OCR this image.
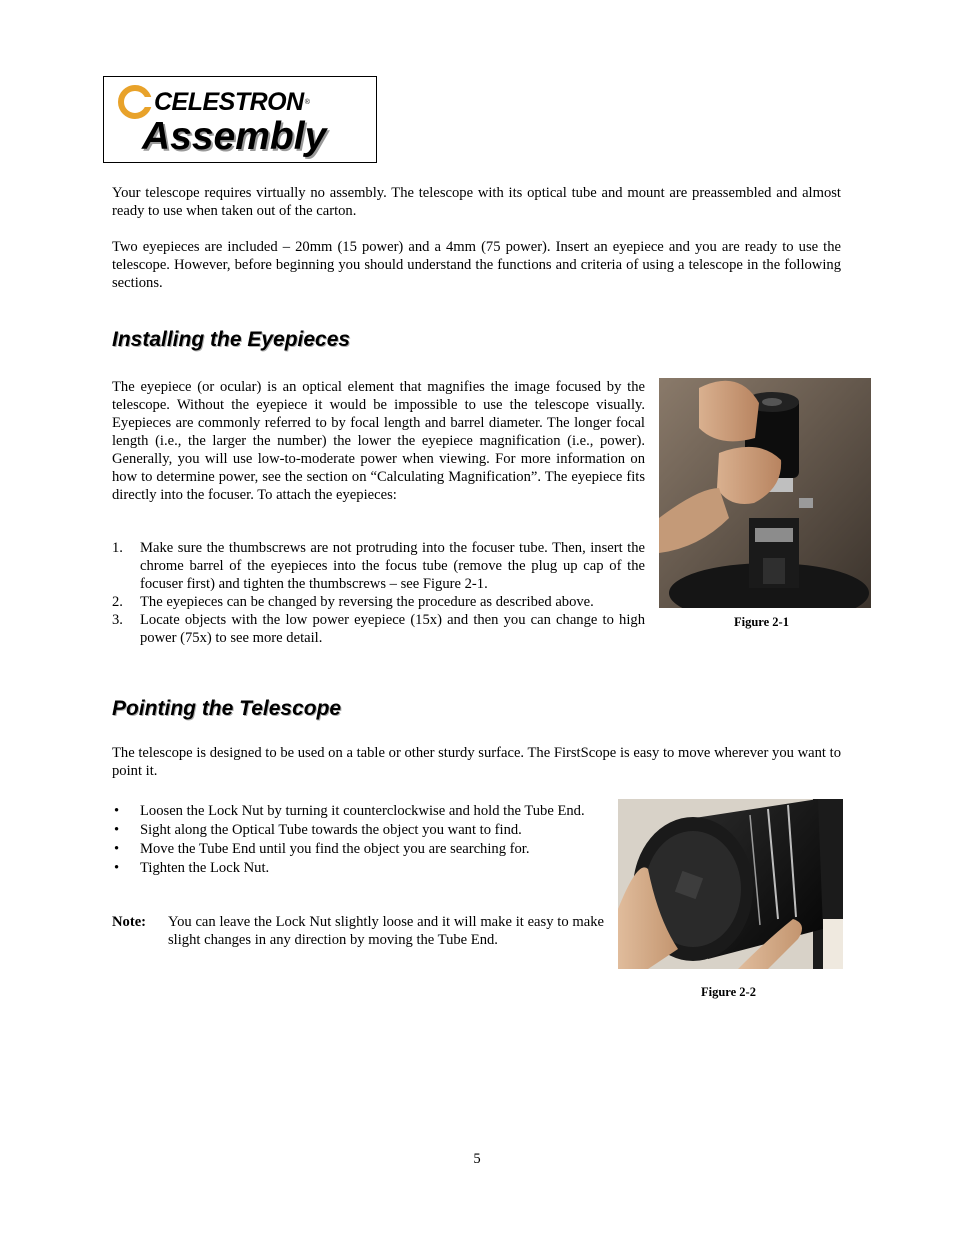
CELESTRON ®
Assembly

Your telescope requires virtually no assembly. The telescope with its optical tube and mount are preassembled and almost ready to use when taken out of the carton.

Two eyepieces are included – 20mm (15 power) and a 4mm (75 power). Insert an eyepiece and you are ready to use the telescope. However, before beginning you should understand the functions and criteria of using a telescope in the following sections.

Installing the Eyepieces

The eyepiece (or ocular) is an optical element that magnifies the image focused by the telescope. Without the eyepiece it would be impossible to use the telescope visually. Eyepieces are commonly referred to by focal length and barrel diameter. The longer focal length (i.e., the larger the number) the lower the eyepiece magnification (i.e., power). Generally, you will use low-to-moderate power when viewing. For more information on how to determine power, see the section on “Calculating Magnification”. The eyepiece fits directly into the focuser. To attach the eyepieces:

1. Make sure the thumbscrews are not protruding into the focuser tube. Then, insert the chrome barrel of the eyepieces into the focus tube (remove the plug up cap of the focuser first) and tighten the thumbscrews – see Figure 2-1.
2. The eyepieces can be changed by reversing the procedure as described above.
3. Locate objects with the low power eyepiece (15x) and then you can change to high power (75x) to see more detail.
Figure 2-1
Pointing the Telescope

The telescope is designed to be used on a table or other sturdy surface. The FirstScope is easy to move wherever you want to point it.

• Loosen the Lock Nut by turning it counterclockwise and hold the Tube End.
• Sight along the Optical Tube towards the object you want to find.
• Move the Tube End until you find the object you are searching for.
• Tighten the Lock Nut.
Note: You can leave the Lock Nut slightly loose and it will make it easy to make slight changes in any direction by moving the Tube End.
Figure 2-2
5
